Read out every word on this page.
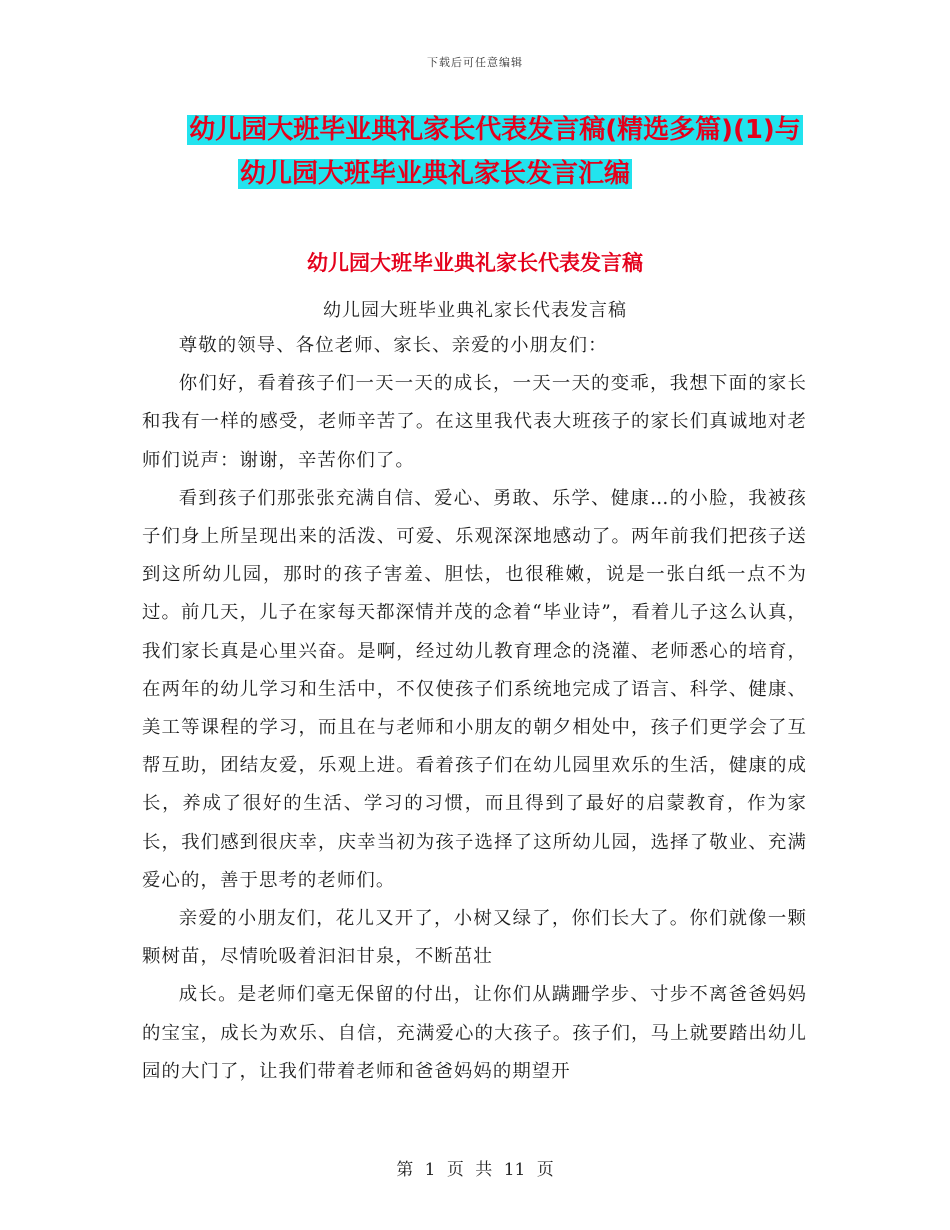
下载后可任意编辑
幼儿园大班毕业典礼家长代表发言稿(精选多篇)(1)与
幼儿园大班毕业典礼家长发言汇编
幼儿园大班毕业典礼家长代表发言稿
幼儿园大班毕业典礼家长代表发言稿

尊敬的领导、各位老师、家长、亲爱的小朋友们：

你们好，看着孩子们一天一天的成长，一天一天的变乖，我想下面的家长和我有一样的感受，老师辛苦了。在这里我代表大班孩子的家长们真诚地对老师们说声：谢谢，辛苦你们了。

看到孩子们那张张充满自信、爱心、勇敢、乐学、健康…的小脸，我被孩子们身上所呈现出来的活泼、可爱、乐观深深地感动了。两年前我们把孩子送到这所幼儿园，那时的孩子害羞、胆怯，也很稚嫩，说是一张白纸一点不为过。前几天，儿子在家每天都深情并茂的念着“毕业诗”，看着儿子这么认真，我们家长真是心里兴奋。是啊，经过幼儿教育理念的浇灌、老师悉心的培育，在两年的幼儿学习和生活中，不仅使孩子们系统地完成了语言、科学、健康、美工等课程的学习，而且在与老师和小朋友的朝夕相处中，孩子们更学会了互帮互助，团结友爱，乐观上进。看着孩子们在幼儿园里欢乐的生活，健康的成长，养成了很好的生活、学习的习惯，而且得到了最好的启蒙教育，作为家长，我们感到很庆幸，庆幸当初为孩子选择了这所幼儿园，选择了敬业、充满爱心的，善于思考的老师们。

亲爱的小朋友们，花儿又开了，小树又绿了，你们长大了。你们就像一颗颗树苗，尽情吮吸着汩汩甘泉，不断茁壮

成长。是老师们毫无保留的付出，让你们从蹒跚学步、寸步不离爸爸妈妈的宝宝，成长为欢乐、自信，充满爱心的大孩子。孩子们，马上就要踏出幼儿园的大门了，让我们带着老师和爸爸妈妈的期望开

第 1 页 共 11 页
